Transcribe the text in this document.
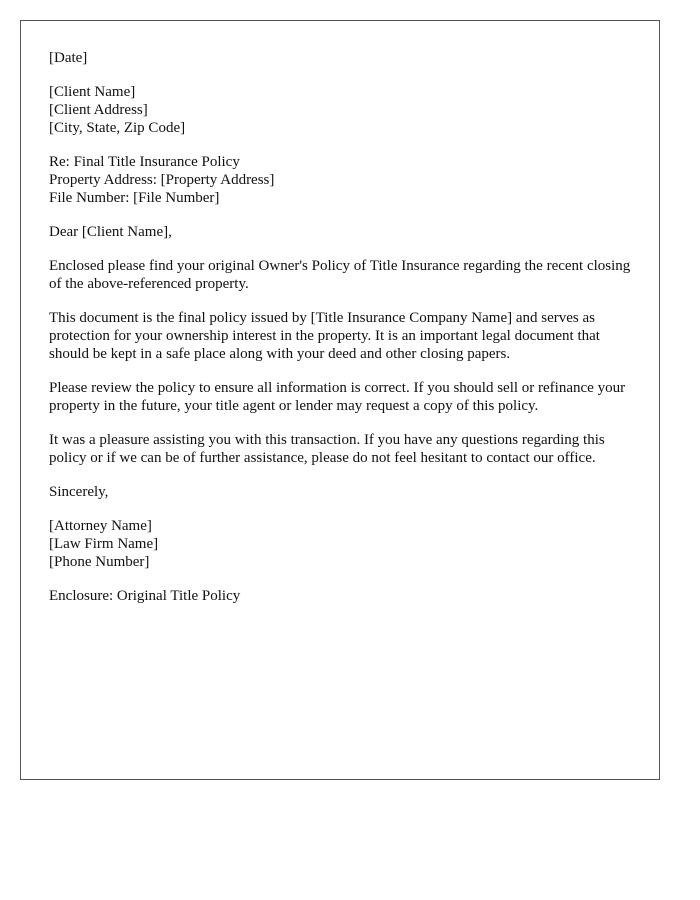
[Date]
[Client Name]
[Client Address]
[City, State, Zip Code]
Re: Final Title Insurance Policy
Property Address: [Property Address]
File Number: [File Number]
Dear [Client Name],

Enclosed please find your original Owner's Policy of Title Insurance regarding the recent closing of the above-referenced property.

This document is the final policy issued by [Title Insurance Company Name] and serves as protection for your ownership interest in the property. It is an important legal document that should be kept in a safe place along with your deed and other closing papers.

Please review the policy to ensure all information is correct. If you should sell or refinance your property in the future, your title agent or lender may request a copy of this policy.

It was a pleasure assisting you with this transaction. If you have any questions regarding this policy or if we can be of further assistance, please do not feel hesitant to contact our office.

Sincerely,
[Attorney Name]
[Law Firm Name]
[Phone Number]
Enclosure: Original Title Policy
